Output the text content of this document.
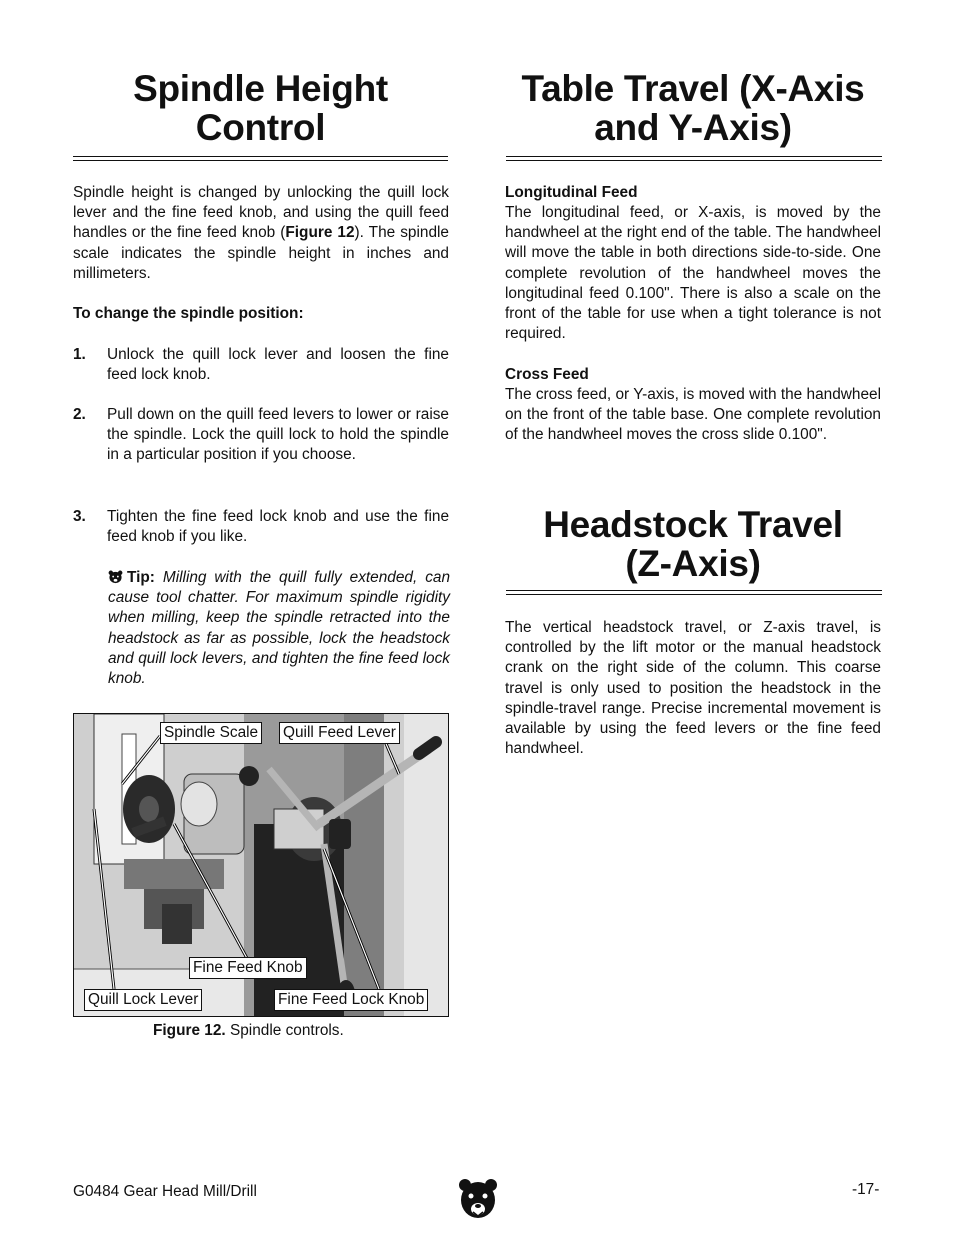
Spindle Height
Control

Spindle height is changed by unlocking the quill lock lever and the fine feed knob, and using the quill feed handles or the fine feed knob (Figure 12). The spindle scale indicates the spindle height in inches and millimeters.

To change the spindle position:

1. Unlock the quill lock lever and loosen the fine feed lock knob.
2. Pull down on the quill feed levers to lower or raise the spindle. Lock the quill lock to hold the spindle in a particular position if you choose.
3. Tighten the fine feed lock knob and use the fine feed knob if you like.
Tip: Milling with the quill fully extended, can cause tool chatter. For maximum spindle rigidity when milling, keep the spindle retracted into the headstock as far as possible, lock the headstock and quill lock levers, and tighten the fine feed lock knob.
Spindle Scale Quill Feed Lever
Fine Feed Knob
Quill Lock Lever	Fine Feed Lock Knob
Figure 12. Spindle controls.
Table Travel (X-Axis
and Y-Axis)

Longitudinal Feed

The longitudinal feed, or X-axis, is moved by the handwheel at the right end of the table. The handwheel will move the table in both directions side-to-side. One complete revolution of the handwheel moves the longitudinal feed 0.100". There is also a scale on the front of the table for use when a tight tolerance is not required.

Cross Feed

The cross feed, or Y-axis, is moved with the handwheel on the front of the table base. One complete revolution of the handwheel moves the cross slide 0.100".

Headstock Travel
(Z-Axis)

The vertical headstock travel, or Z-axis travel, is controlled by the lift motor or the manual headstock crank on the right side of the column. This coarse travel is only used to position the headstock in the spindle-travel range. Precise incremental movement is available by using the feed levers or the fine feed handwheel.

G0484 Gear Head Mill/Drill	-17-
